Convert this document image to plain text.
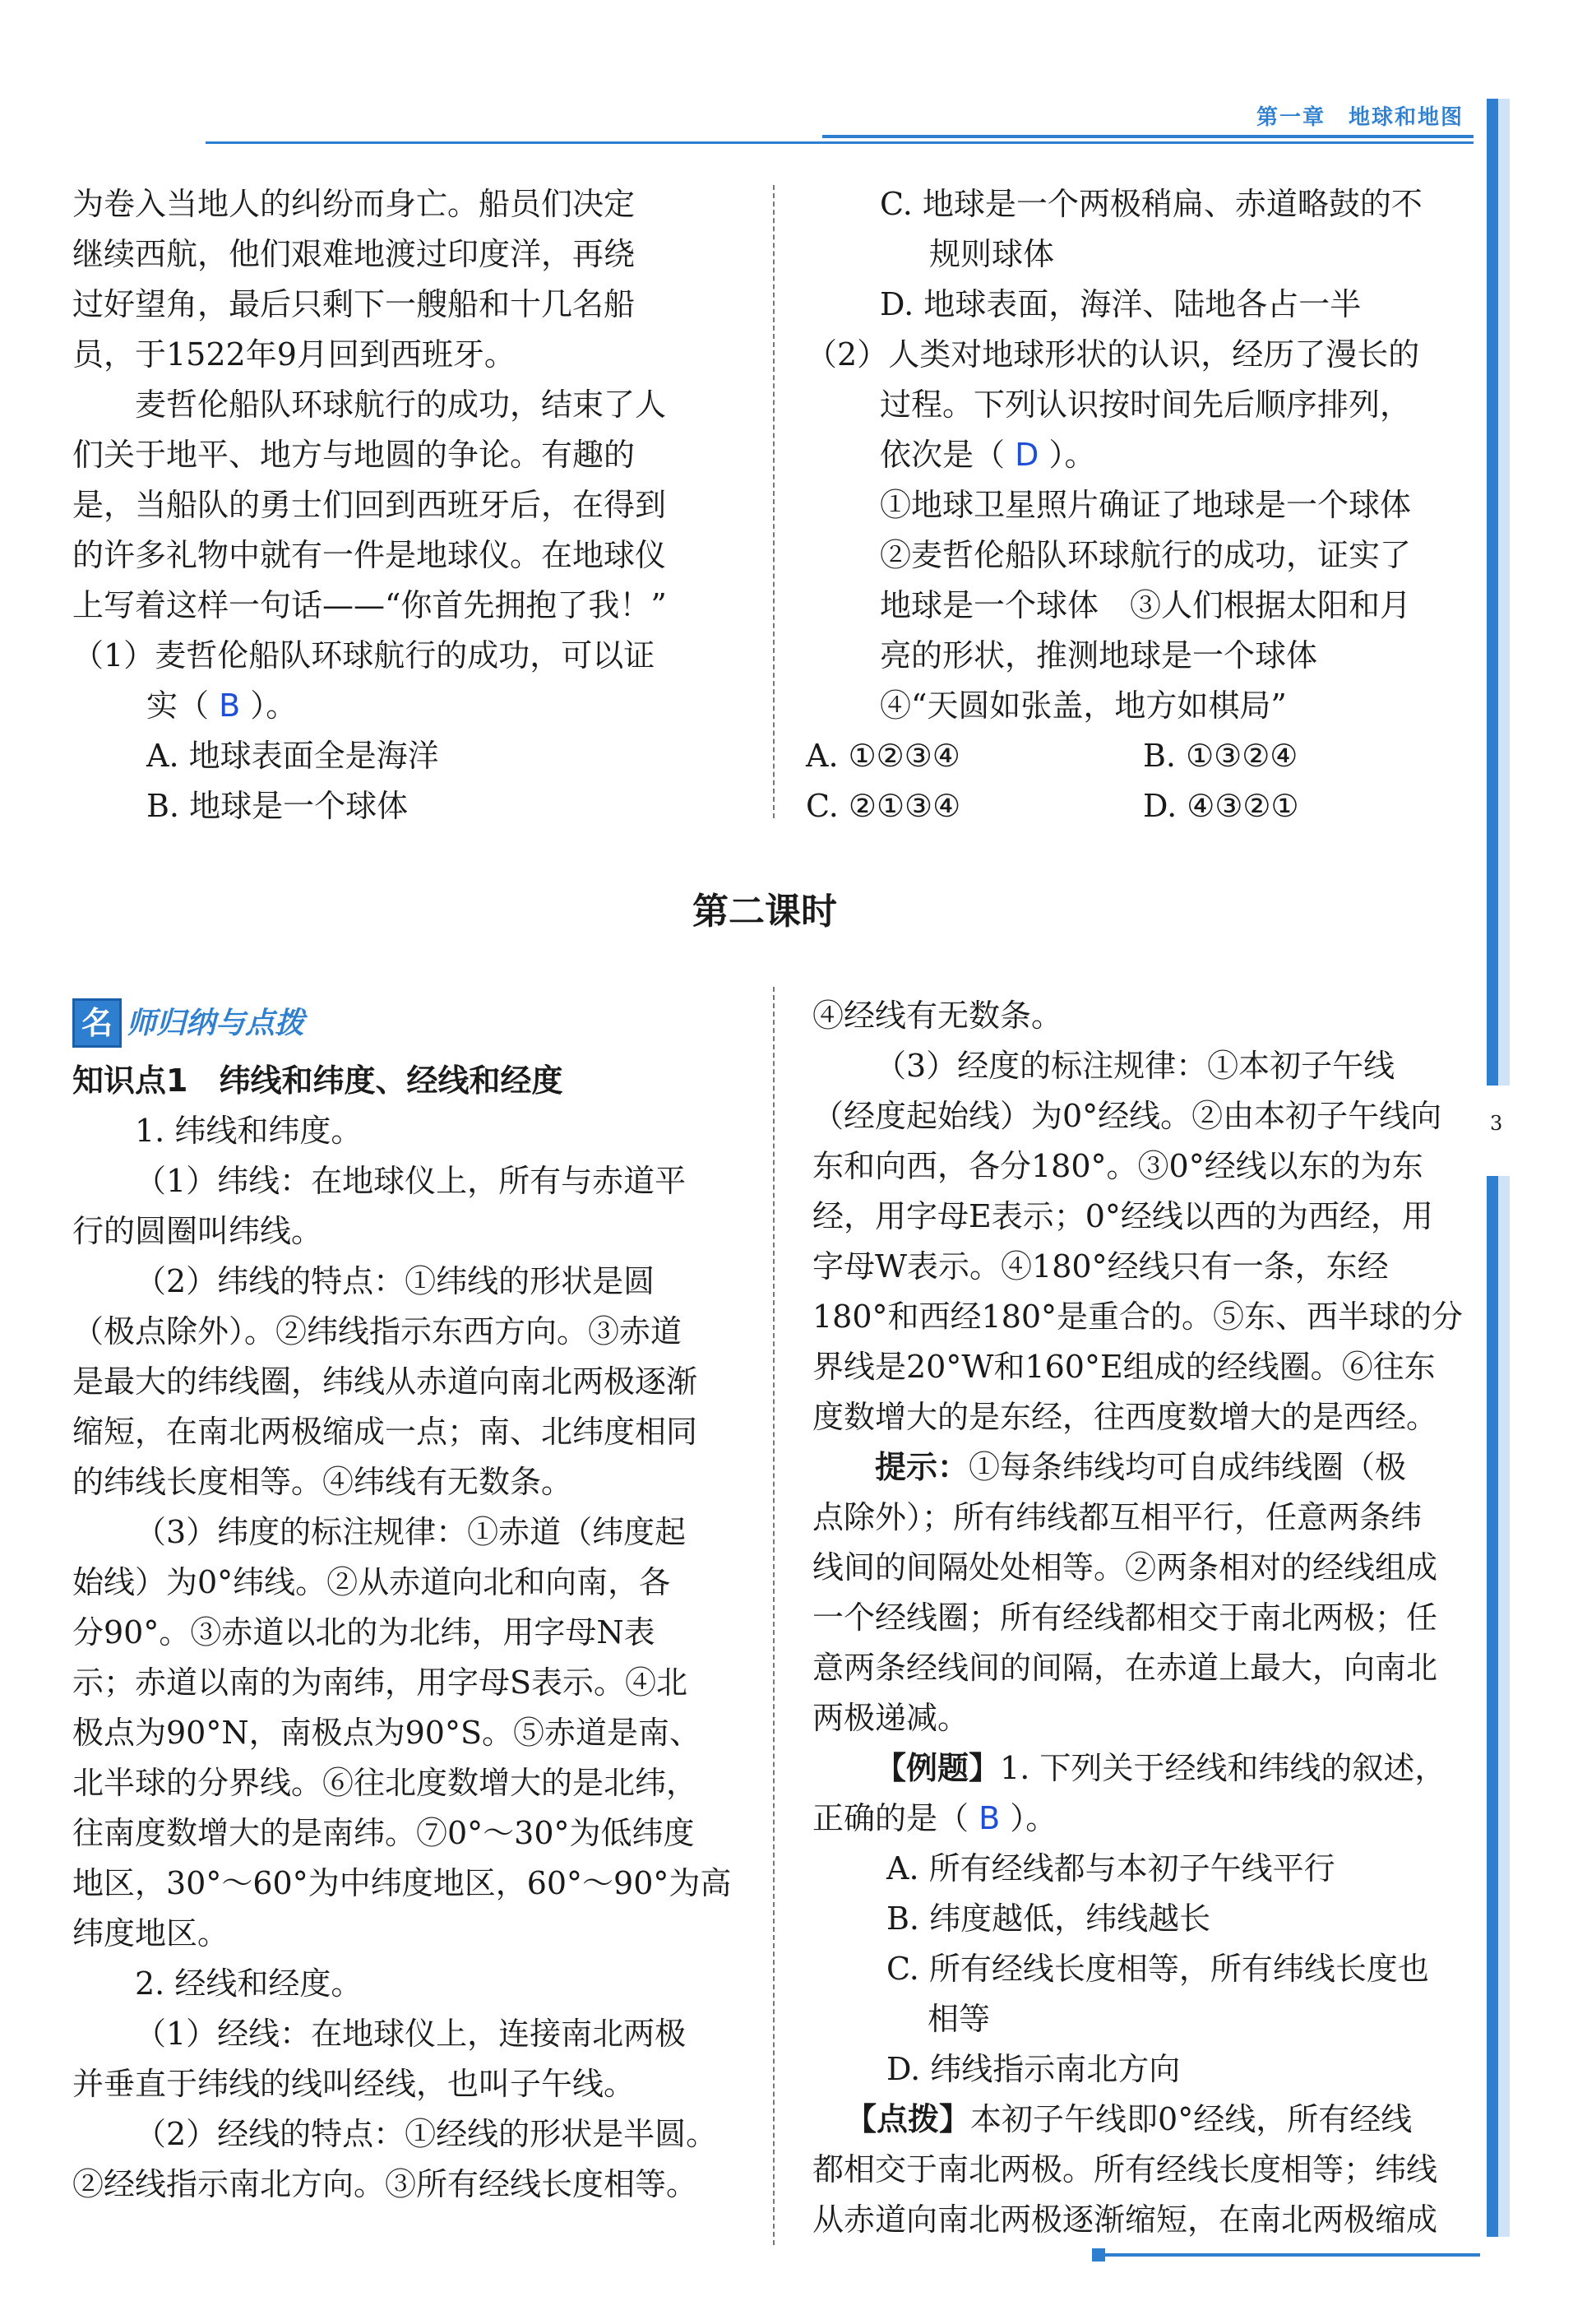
第一章　地球和地图
3

为卷入当地人的纠纷而身亡。船员们决定

继续西航，他们艰难地渡过印度洋，再绕

过好望角，最后只剩下一艘船和十几名船

员，于1522年9月回到西班牙。

麦哲伦船队环球航行的成功，结束了人

们关于地平、地方与地圆的争论。有趣的

是，当船队的勇士们回到西班牙后，在得到

的许多礼物中就有一件是地球仪。在地球仪

上写着这样一句话——“你首先拥抱了我！”

（1）麦哲伦船队环球航行的成功，可以证

实（ B ）。

A. 地球表面全是海洋

B. 地球是一个球体

C. 地球是一个两极稍扁、赤道略鼓的不

规则球体

D. 地球表面，海洋、陆地各占一半

（2）人类对地球形状的认识，经历了漫长的

过程。下列认识按时间先后顺序排列，

依次是（ D ）。

①地球卫星照片确证了地球是一个球体

②麦哲伦船队环球航行的成功，证实了

地球是一个球体　③人们根据太阳和月

亮的形状，推测地球是一个球体

④“天圆如张盖，地方如棋局”

A. ①②③④	B. ①③②④

C. ②①③④	D. ④③②①

第二课时
名 师归纳与点拨

知识点1　纬线和纬度、经线和经度

1. 纬线和纬度。

（1）纬线：在地球仪上，所有与赤道平

行的圆圈叫纬线。

（2）纬线的特点：①纬线的形状是圆

（极点除外）。②纬线指示东西方向。③赤道

是最大的纬线圈，纬线从赤道向南北两极逐渐

缩短，在南北两极缩成一点；南、北纬度相同

的纬线长度相等。④纬线有无数条。

（3）纬度的标注规律：①赤道（纬度起

始线）为0°纬线。②从赤道向北和向南，各

分90°。③赤道以北的为北纬，用字母N表

示；赤道以南的为南纬，用字母S表示。④北

极点为90°N，南极点为90°S。⑤赤道是南、

北半球的分界线。⑥往北度数增大的是北纬，

往南度数增大的是南纬。⑦0°～30°为低纬度

地区，30°～60°为中纬度地区，60°～90°为高

纬度地区。

2. 经线和经度。

（1）经线：在地球仪上，连接南北两极

并垂直于纬线的线叫经线，也叫子午线。

（2）经线的特点：①经线的形状是半圆。

②经线指示南北方向。③所有经线长度相等。

④经线有无数条。

（3）经度的标注规律：①本初子午线

（经度起始线）为0°经线。②由本初子午线向

东和向西，各分180°。③0°经线以东的为东

经，用字母E表示；0°经线以西的为西经，用

字母W表示。④180°经线只有一条，东经

180°和西经180°是重合的。⑤东、西半球的分

界线是20°W和160°E组成的经线圈。⑥往东

度数增大的是东经，往西度数增大的是西经。

提示：①每条纬线均可自成纬线圈（极

点除外）；所有纬线都互相平行，任意两条纬

线间的间隔处处相等。②两条相对的经线组成

一个经线圈；所有经线都相交于南北两极；任

意两条经线间的间隔，在赤道上最大，向南北

两极递减。

【例题】1. 下列关于经线和纬线的叙述，

正确的是（ B ）。

A. 所有经线都与本初子午线平行

B. 纬度越低，纬线越长

C. 所有经线长度相等，所有纬线长度也

相等

D. 纬线指示南北方向

【点拨】本初子午线即0°经线，所有经线

都相交于南北两极。所有经线长度相等；纬线

从赤道向南北两极逐渐缩短，在南北两极缩成
